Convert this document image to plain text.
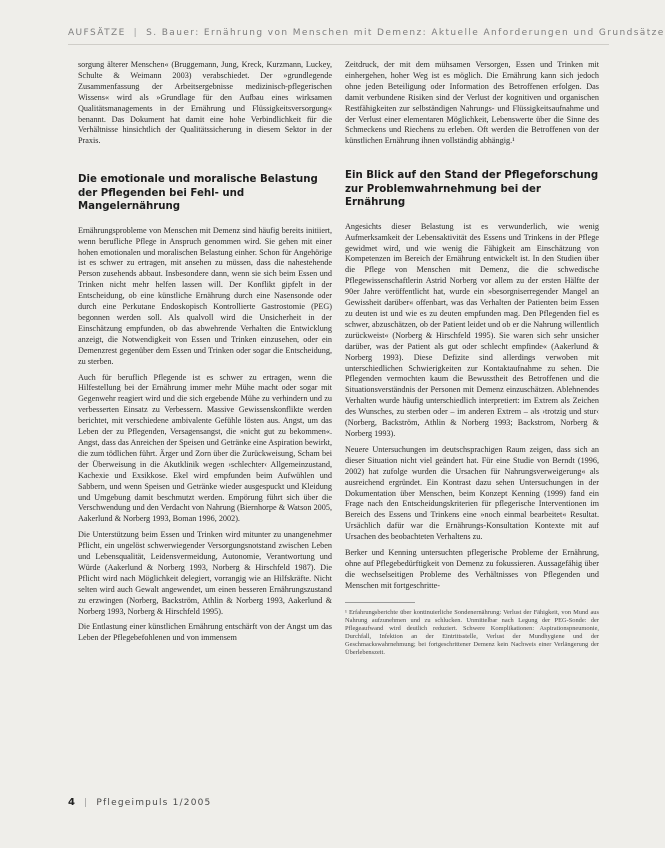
AUFSÄTZE | S. Bauer: Ernährung von Menschen mit Demenz: Aktuelle Anforderungen und Grundsätze

sorgung älterer Menschen« (Bruggemann, Jung, Kreck, Kurzmann, Luckey, Schulte & Weimann 2003) verabschiedet. Der »grundlegende Zusammenfassung der Arbeitsergebnisse medizinisch-pflegerischen Wissens« wird als »Grundlage für den Aufbau eines wirksamen Qualitätsmanagements in der Ernährung und Flüssigkeitsversorgung« benannt. Das Dokument hat damit eine hohe Verbindlichkeit für die Verhältnisse hinsichtlich der Qualitätssicherung in diesem Sektor in der Praxis.

Die emotionale und moralische Belastung der Pflegenden bei Fehl- und Mangelernährung

Ernährungsprobleme von Menschen mit Demenz sind häufig bereits initiiert, wenn berufliche Pflege in Anspruch genommen wird. Sie gehen mit einer hohen emotionalen und moralischen Belastung einher. Schon für Angehörige ist es schwer zu ertragen, mit ansehen zu müssen, dass die nahestehende Person zusehends abbaut. Insbesondere dann, wenn sie sich beim Essen und Trinken nicht mehr helfen lassen will. Der Konflikt gipfelt in der Entscheidung, ob eine künstliche Ernährung durch eine Nasensonde oder durch eine Perkutane Endoskopisch Kontrollierte Gastrostomie (PEG) begonnen werden soll. Als qualvoll wird die Unsicherheit in der Einschätzung empfunden, ob das abwehrende Verhalten die Entwicklung anzeigt, die Notwendigkeit von Essen und Trinken einzusehen, oder ein Demenzrest gegenüber dem Essen und Trinken oder sogar die Entscheidung, zu sterben.

Auch für beruflich Pflegende ist es schwer zu ertragen, wenn die Hilfestellung bei der Ernährung immer mehr Mühe macht oder sogar mit Gegenwehr reagiert wird und die sich ergebende Mühe zu verhindern und zu verbesserten Einsatz zu Verbessern. Massive Gewissenskonflikte werden berichtet, mit verschiedene ambivalente Gefühle lösten aus. Angst, um das Leben der zu Pflegenden, Versagensangst, die »nicht gut zu bekommen«. Angst, dass das Anreichen der Speisen und Getränke eine Aspiration bewirkt, die zum tödlichen führt. Ärger und Zorn über die Zurückweisung, Scham bei der Überweisung in die Akutklinik wegen ›schlechter‹ Allgemeinzustand, Kachexie und Exsikkose. Ekel wird empfunden beim Aufwühlen und Sabbern, und wenn Speisen und Getränke wieder ausgespuckt und Kleidung und Umgebung damit beschmutzt werden. Empörung führt sich über die Verschwendung und den Verdacht von Nahrung (Biernhorpe & Watson 2005, Aakerlund & Norberg 1993, Boman 1996, 2002).

Die Unterstützung beim Essen und Trinken wird mitunter zu unangenehmer Pflicht, ein ungelöst schwerwiegender Versorgungsnotstand zwischen Leben und Lebensqualität, Leidensvermeidung, Autonomie, Verantwortung und Würde (Aakerlund & Norberg 1993, Norberg & Hirschfeld 1987). Die Pflicht wird nach Möglichkeit delegiert, vorrangig wie an Hilfskräfte. Nicht selten wird auch Gewalt angewendet, um einen besseren Ernährungszustand zu erzwingen (Norberg, Backström, Athlin & Norberg 1993, Aakerlund & Norberg 1993, Norberg & Hirschfeld 1995).

Die Entlastung einer künstlichen Ernährung entschärft von der Angst um das Leben der Pflegebefohlenen und von immensem

Zeitdruck, der mit dem mühsamen Versorgen, Essen und Trinken mit einhergehen, hoher Weg ist es möglich. Die Ernährung kann sich jedoch ohne jeden Beteiligung oder Information des Betroffenen erfolgen. Das damit verbundene Risiken sind der Verlust der kognitiven und organischen Restfähigkeiten zur selbständigen Nahrungs- und Flüssigkeitsaufnahme und der Verlust einer elementaren Möglichkeit, Lebenswerte über die Sinne des Schmeckens und Riechens zu erleben. Oft werden die Betroffenen von der künstlichen Ernährung ihnen vollständig abhängig.¹

Ein Blick auf den Stand der Pflegeforschung zur Problemwahrnehmung bei der Ernährung

Angesichts dieser Belastung ist es verwunderlich, wie wenig Aufmerksamkeit der Lebensaktivität des Essens und Trinkens in der Pflege gewidmet wird, und wie wenig die Fähigkeit am Einschätzung von Kompetenzen im Bereich der Ernährung entwickelt ist. In den Studien über die Pflege von Menschen mit Demenz, die die schwedische Pflegewissenschaftlerin Astrid Norberg vor allem zu der ersten Hälfte der 90er Jahre veröffentlicht hat, wurde ein »besorgniserregender Mangel an Gewissheit darüber« offenbart, was das Verhalten der Patienten beim Essen zu deuten ist und wie es zu deuten empfunden mag. Den Pflegenden fiel es schwer, abzuschätzen, ob der Patient leidet und ob er die Nahrung willentlich zurückweist« (Norberg & Hirschfeld 1995). Sie waren sich sehr unsicher darüber, was der Patient als gut oder schlecht empfinde« (Aakerlund & Norberg 1993). Diese Defizite sind allerdings verwoben mit unterschiedlichen Schwierigkeiten zur Kontaktaufnahme zu sehen. Die Pflegenden vermochten kaum die Bewusstheit des Betroffenen und die Situationsverständnis der Personen mit Demenz einzuschätzen. Ablehnendes Verhalten wurde häufig unterschiedlich interpretiert: im Extrem als Zeichen des Wunsches, zu sterben oder – im anderen Extrem – als ›trotzig und stur‹ (Norberg, Backström, Athlin & Norberg 1993; Backstrom, Norberg & Norberg 1993).

Neuere Untersuchungen im deutschsprachigen Raum zeigen, dass sich an dieser Situation nicht viel geändert hat. Für eine Studie von Berndt (1996, 2002) hat zufolge wurden die Ursachen für Nahrungsverweigerung« als ausreichend ergründet. Ein Kontrast dazu sehen Untersuchungen in der Dokumentation über Menschen, beim Konzept Kenning (1999) fand ein Frage nach den Entscheidungskriterien für pflegerische Interventionen im Bereich des Essens und Trinkens eine »noch einmal bearbeitet« Resultat. Ursächlich dafür war die Ernährungs-Konsultation Kontexte mit auf Ursachen des beobachteten Verhaltens zu.

Berker und Kenning untersuchten pflegerische Probleme der Ernährung, ohne auf Pflegebedürftigkeit von Demenz zu fokussieren. Aussagefähig über die wechselseitigen Probleme des Verhältnisses von Pflegenden und Menschen mit fortgeschritte-

¹ Erfahrungsberichte über kontinuierliche Sondenernährung: Verlust der Fähigkeit, von Mund aus Nahrung aufzunehmen und zu schlucken. Unmittelbar nach Legung der PEG-Sonde: der Pflegeaufwand wird deutlich reduziert. Schwere Komplikationen: Aspirationspneumonie, Durchfall, Infektion an der Eintrittsstelle, Verlust der Mundhygiene und der Geschmackswahrnehmung; bei fortgeschrittener Demenz kein Nachweis einer Verlängerung der Überlebenszeit.

4 | Pflegeimpuls 1/2005
